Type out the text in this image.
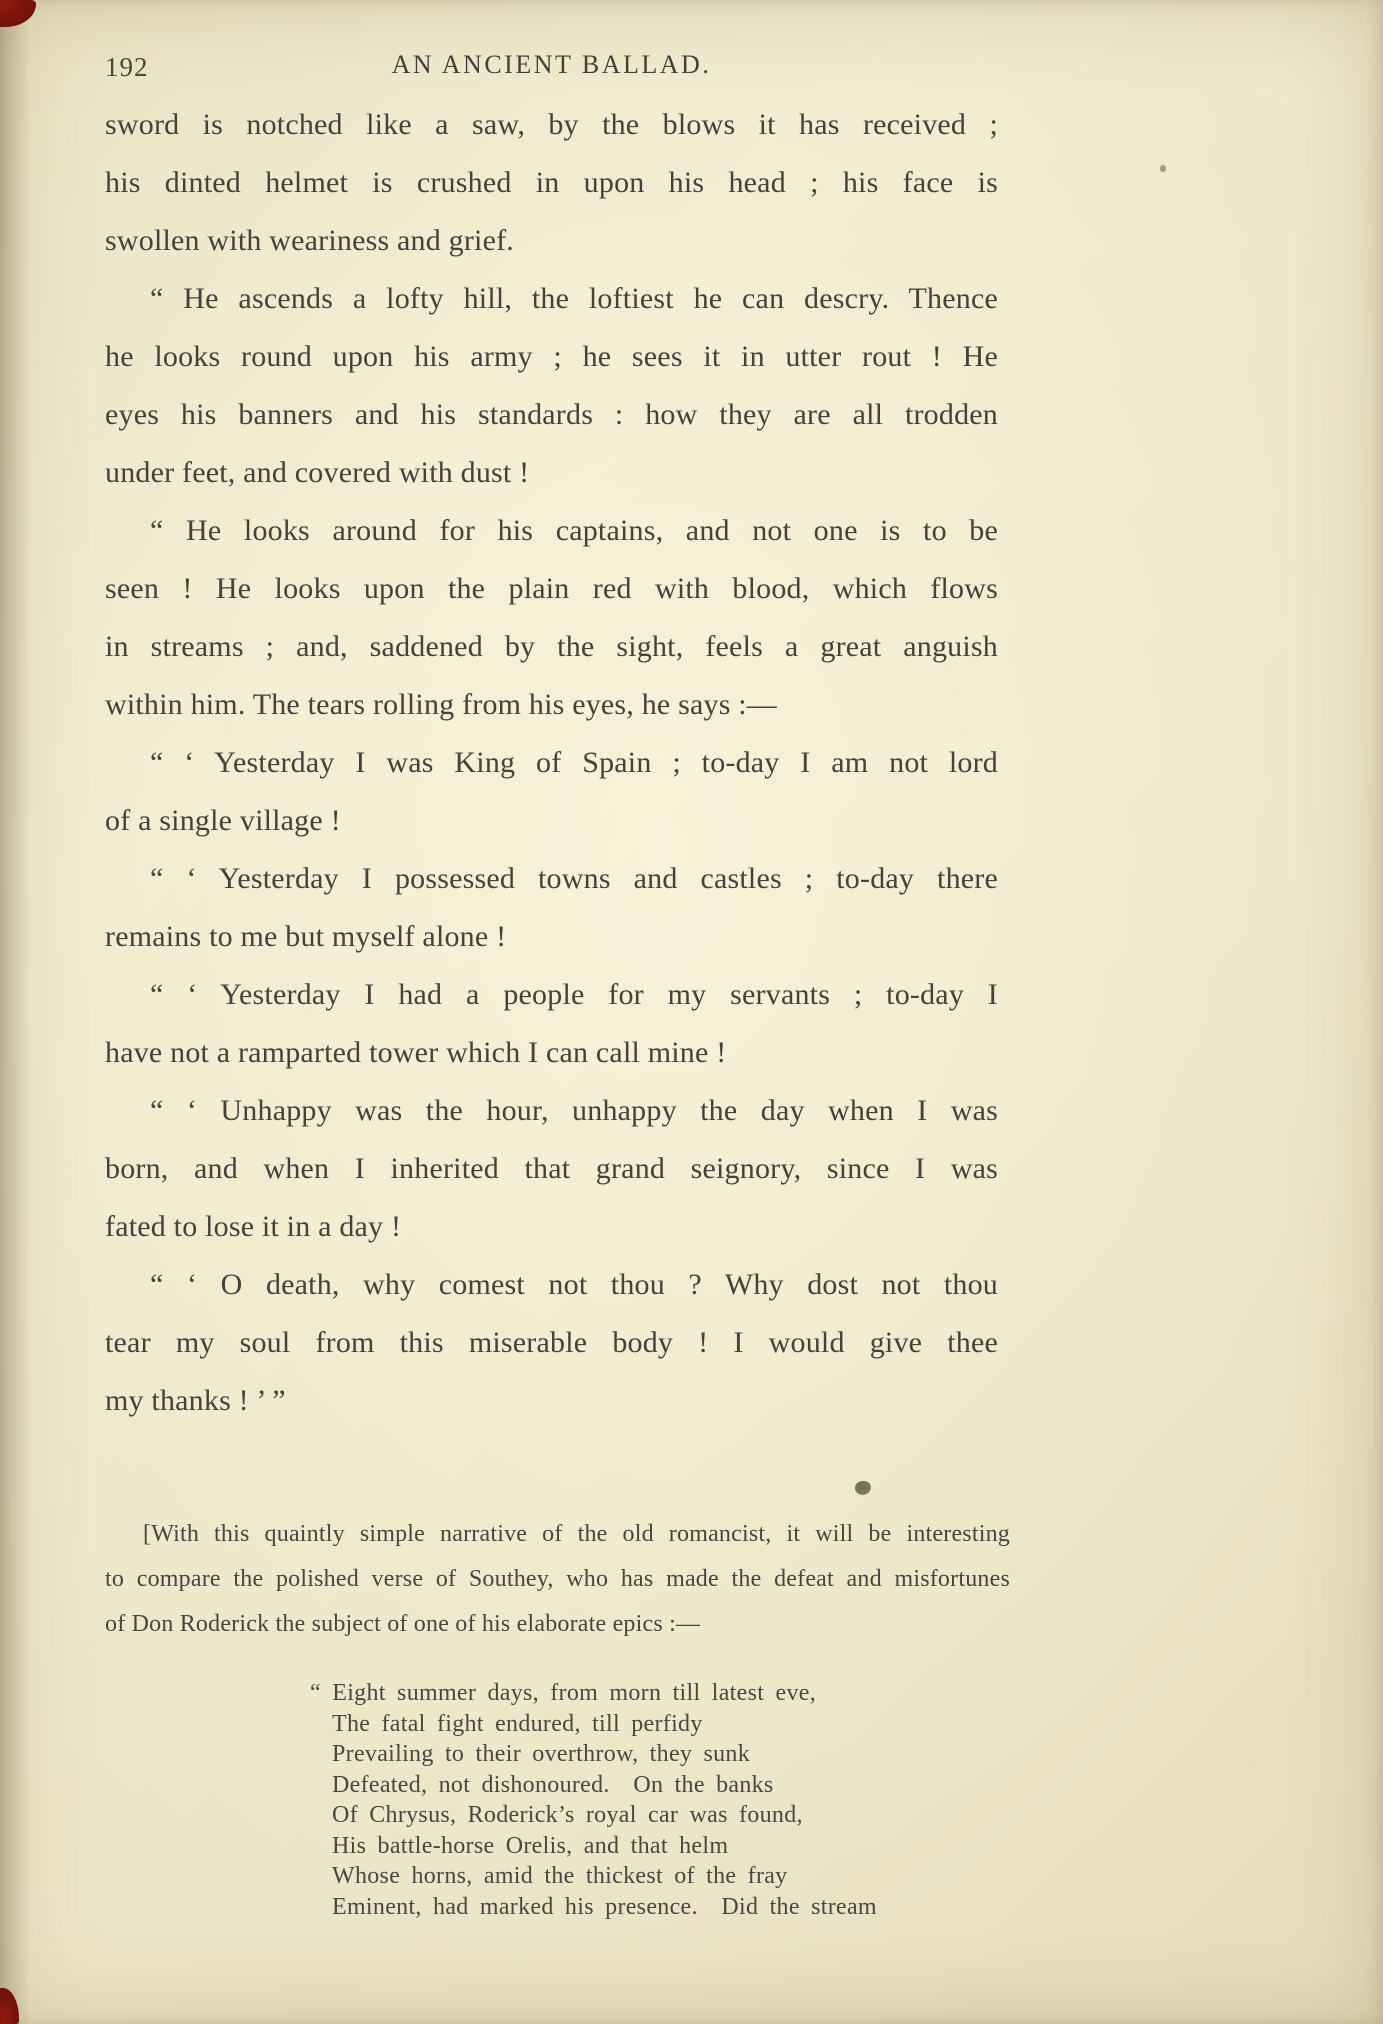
192	AN ANCIENT BALLAD.
sword is notched like a saw, by the blows it has received ;
his dinted helmet is crushed in upon his head ; his face is
swollen with weariness and grief.
“ He ascends a lofty hill, the loftiest he can descry. Thence
he looks round upon his army ; he sees it in utter rout ! He
eyes his banners and his standards : how they are all trodden
under feet, and covered with dust !
“ He looks around for his captains, and not one is to be
seen ! He looks upon the plain red with blood, which flows
in streams ; and, saddened by the sight, feels a great anguish
within him. The tears rolling from his eyes, he says :—
“ ‘ Yesterday I was King of Spain ; to-day I am not lord
of a single village !
“ ‘ Yesterday I possessed towns and castles ; to-day there
remains to me but myself alone !
“ ‘ Yesterday I had a people for my servants ; to-day I
have not a ramparted tower which I can call mine !
“ ‘ Unhappy was the hour, unhappy the day when I was
born, and when I inherited that grand seignory, since I was
fated to lose it in a day !
“ ‘ O death, why comest not thou ? Why dost not thou
tear my soul from this miserable body ! I would give thee
my thanks ! ’ ”
[With this quaintly simple narrative of the old romancist, it will be interesting
to compare the polished verse of Southey, who has made the defeat and misfortunes
of Don Roderick the subject of one of his elaborate epics :—
“ Eight summer days, from morn till latest eve,
The fatal fight endured, till perfidy
Prevailing to their overthrow, they sunk
Defeated, not dishonoured.  On the banks
Of Chrysus, Roderick’s royal car was found,
His battle-horse Orelis, and that helm
Whose horns, amid the thickest of the fray
Eminent, had marked his presence.  Did the stream
